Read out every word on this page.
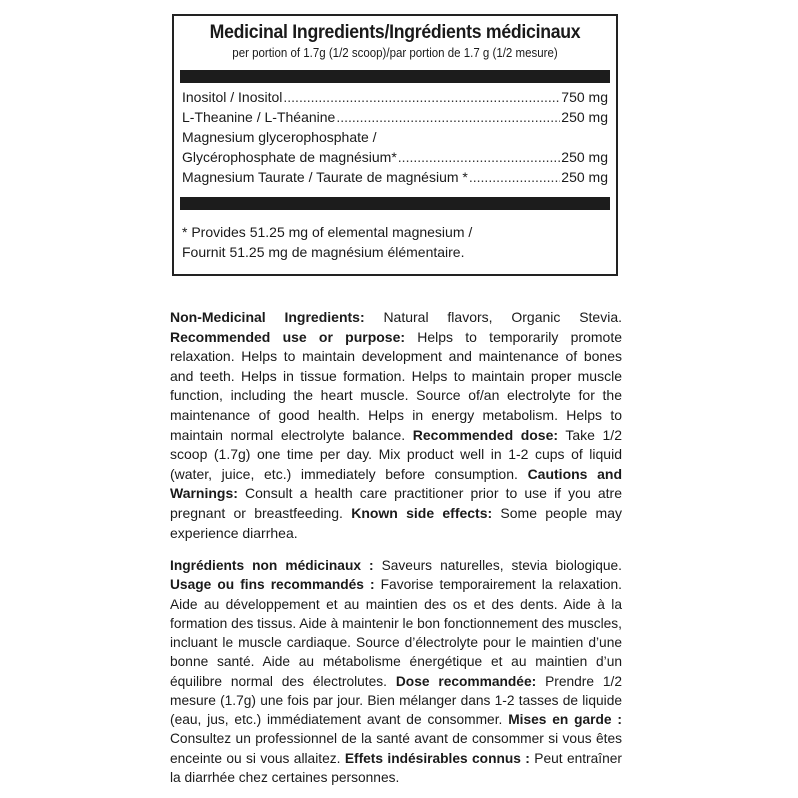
Medicinal Ingredients/Ingrédients médicinaux
per portion of 1.7g (1/2 scoop)/par portion de 1.7 g (1/2 mesure)
Inositol / Inositol .....	750 mg
L-Theanine / L-Théanine .....	250 mg
Magnesium glycerophosphate /
Glycérophosphate de magnésium* .....	250 mg
Magnesium Taurate / Taurate de magnésium * .....	250 mg
* Provides 51.25 mg of elemental magnesium /
Fournit 51.25 mg de magnésium élémentaire.
Non-Medicinal Ingredients: Natural flavors, Organic Stevia. Recommended use or purpose: Helps to temporarily promote relaxation. Helps to maintain development and maintenance of bones and teeth. Helps in tissue formation. Helps to maintain proper muscle function, including the heart muscle. Source of/an electrolyte for the maintenance of good health. Helps in energy metabolism. Helps to maintain normal electrolyte balance. Recommended dose: Take 1/2 scoop (1.7g) one time per day. Mix product well in 1-2 cups of liquid (water, juice, etc.) immediately before consumption. Cautions and Warnings: Consult a health care practitioner prior to use if you atre pregnant or breastfeeding. Known side effects: Some people may experience diarrhea.
Ingrédients non médicinaux : Saveurs naturelles, stevia biologique. Usage ou fins recommandés : Favorise temporairement la relaxation. Aide au développement et au maintien des os et des dents. Aide à la formation des tissus. Aide à maintenir le bon fonctionnement des muscles, incluant le muscle cardiaque. Source d’électrolyte pour le maintien d’une bonne santé. Aide au métabolisme énergétique et au maintien d’un équilibre normal des électrolutes. Dose recommandée: Prendre 1/2 mesure (1.7g) une fois par jour. Bien mélanger dans 1-2 tasses de liquide (eau, jus, etc.) immédiatement avant de consommer. Mises en garde : Consultez un professionnel de la santé avant de consommer si vous êtes enceinte ou si vous allaitez. Effets indésirables connus : Peut entraîner la diarrhée chez certaines personnes.
